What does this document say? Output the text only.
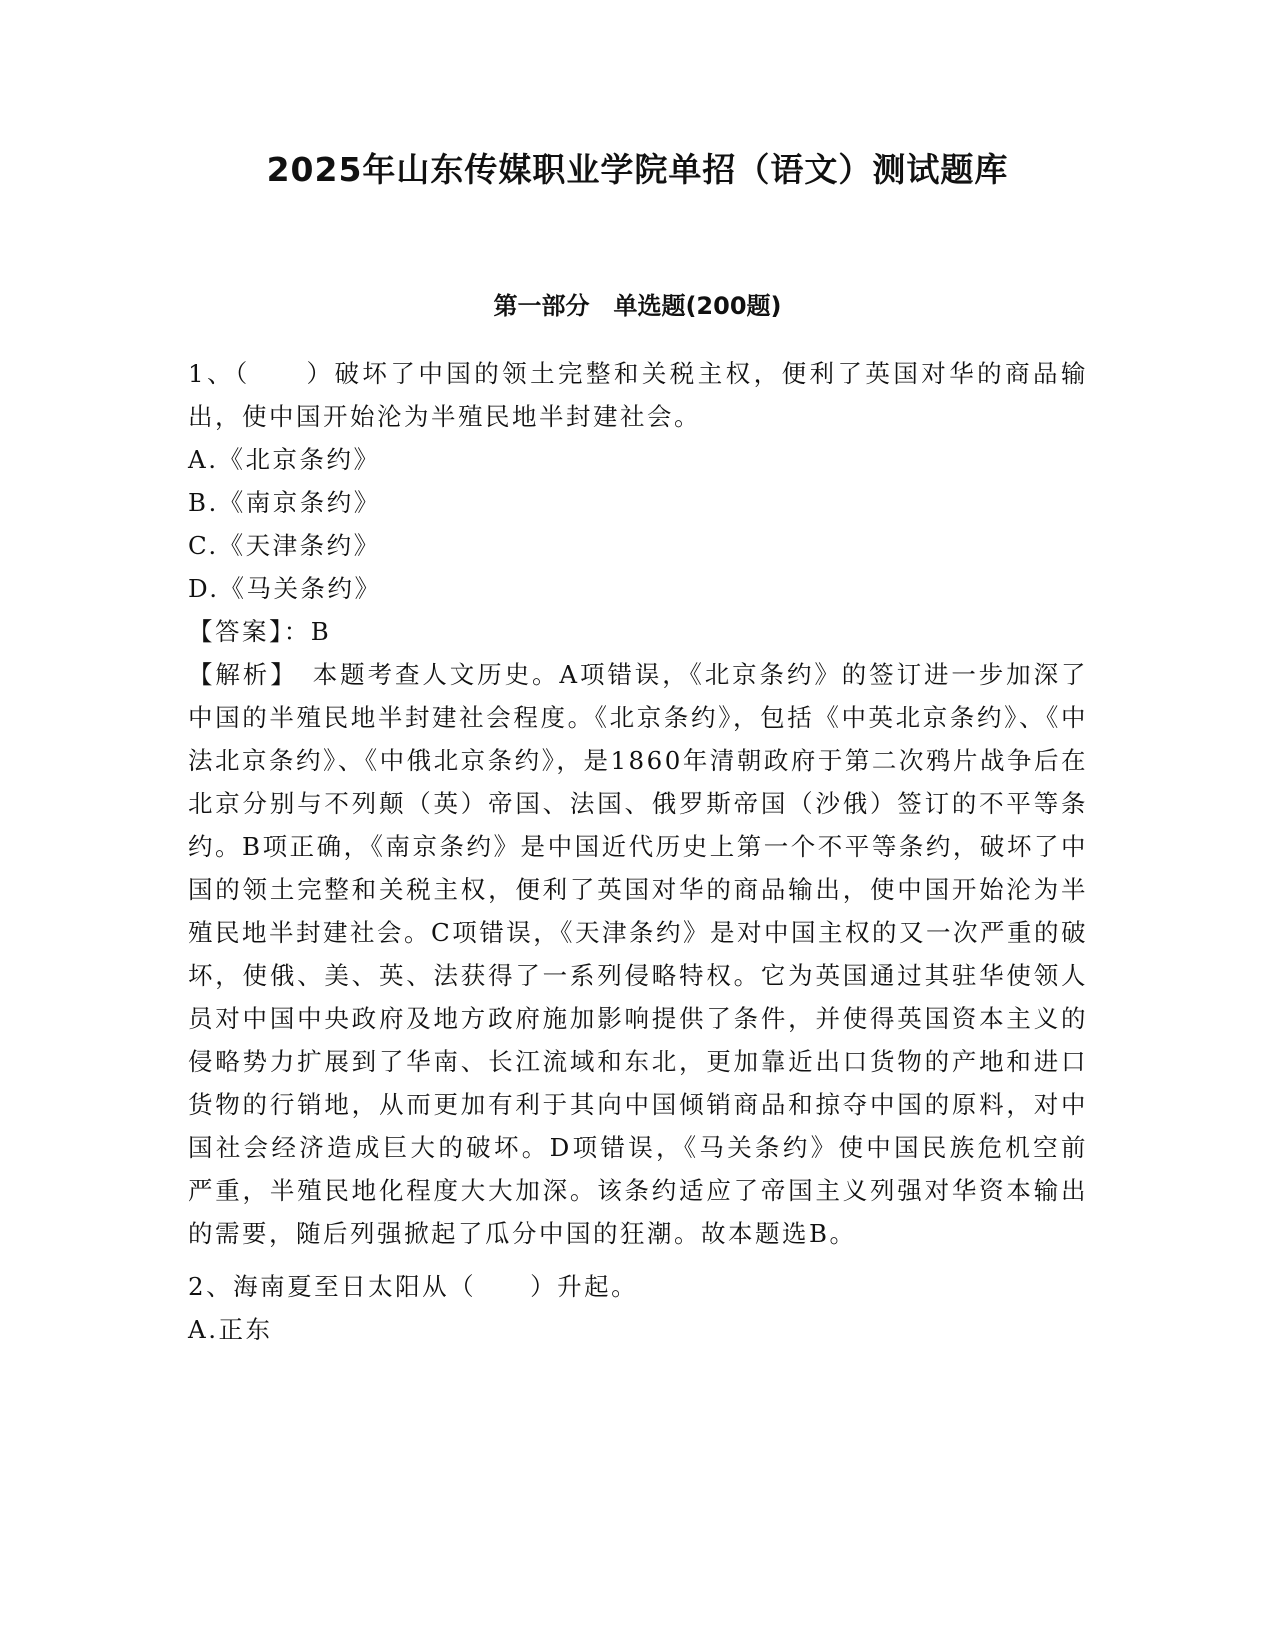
2025年山东传媒职业学院单招（语文）测试题库
第一部分　单选题(200题)

1、（　　）破坏了中国的领土完整和关税主权，便利了英国对华的商品输出，使中国开始沦为半殖民地半封建社会。

A.《北京条约》

B.《南京条约》

C.《天津条约》

D.《马关条约》

【答案】：B

【解析】　本题考查人文历史。A项错误，《北京条约》的签订进一步加深了中国的半殖民地半封建社会程度。《北京条约》，包括《中英北京条约》、《中法北京条约》、《中俄北京条约》，是1860年清朝政府于第二次鸦片战争后在北京分别与不列颠（英）帝国、法国、俄罗斯帝国（沙俄）签订的不平等条约。B项正确，《南京条约》是中国近代历史上第一个不平等条约，破坏了中国的领土完整和关税主权，便利了英国对华的商品输出，使中国开始沦为半殖民地半封建社会。C项错误，《天津条约》是对中国主权的又一次严重的破坏，使俄、美、英、法获得了一系列侵略特权。它为英国通过其驻华使领人员对中国中央政府及地方政府施加影响提供了条件，并使得英国资本主义的侵略势力扩展到了华南、长江流域和东北，更加靠近出口货物的产地和进口货物的行销地，从而更加有利于其向中国倾销商品和掠夺中国的原料，对中国社会经济造成巨大的破坏。D项错误，《马关条约》使中国民族危机空前严重，半殖民地化程度大大加深。该条约适应了帝国主义列强对华资本输出的需要，随后列强掀起了瓜分中国的狂潮。故本题选B。

2、海南夏至日太阳从（　　）升起。

A.正东
